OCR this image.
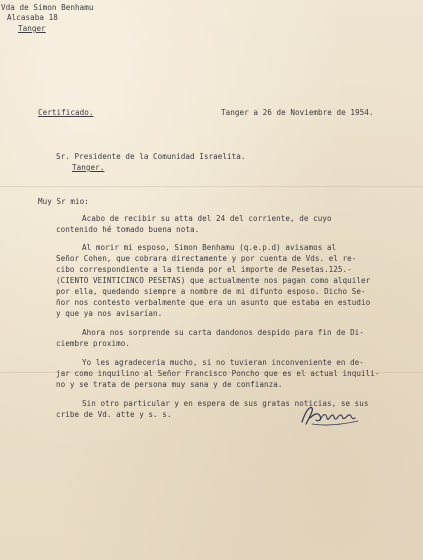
Vda de Simon Benhamu
Alcasaba 18
Tanger
Certificado.	Tanger a 26 de Noviembre de 1954.
Sr. Presidente de la Comunidad Israelita.
Tanger.
Muy Sr mio:
Acabo de recibir su atta del 24 del corriente, de cuyo
contenido hé tomado buena nota.
Al morir mi esposo, Simon Benhamu (q.e.p.d) avisamos al
Señor Cohen, que cobrara directamente y por cuenta de Vds. el re-
cibo correspondiente a la tienda por el importe de Pesetas.125.-
(CIENTO VEINTICINCO PESETAS) que actualmente nos pagan como alquiler
por ella, quedando siempre a nombre de mi difunto esposo. Dicho Se-
ñor nos contesto verbalmente que era un asunto que estaba en estudio
y que ya nos avisarían.
Ahora nos sorprende su carta dandonos despido para fin de Di-
ciembre proximo.
Yo les agradeceria mucho, si no tuvieran inconveniente en de-
jar como inquilino al Señor Francisco Poncho que es el actual inquili-
no y se trata de persona muy sana y de confianza.
Sin otro particular y en espera de sus gratas noticias, se sus
cribe de Vd. atte y s. s.
